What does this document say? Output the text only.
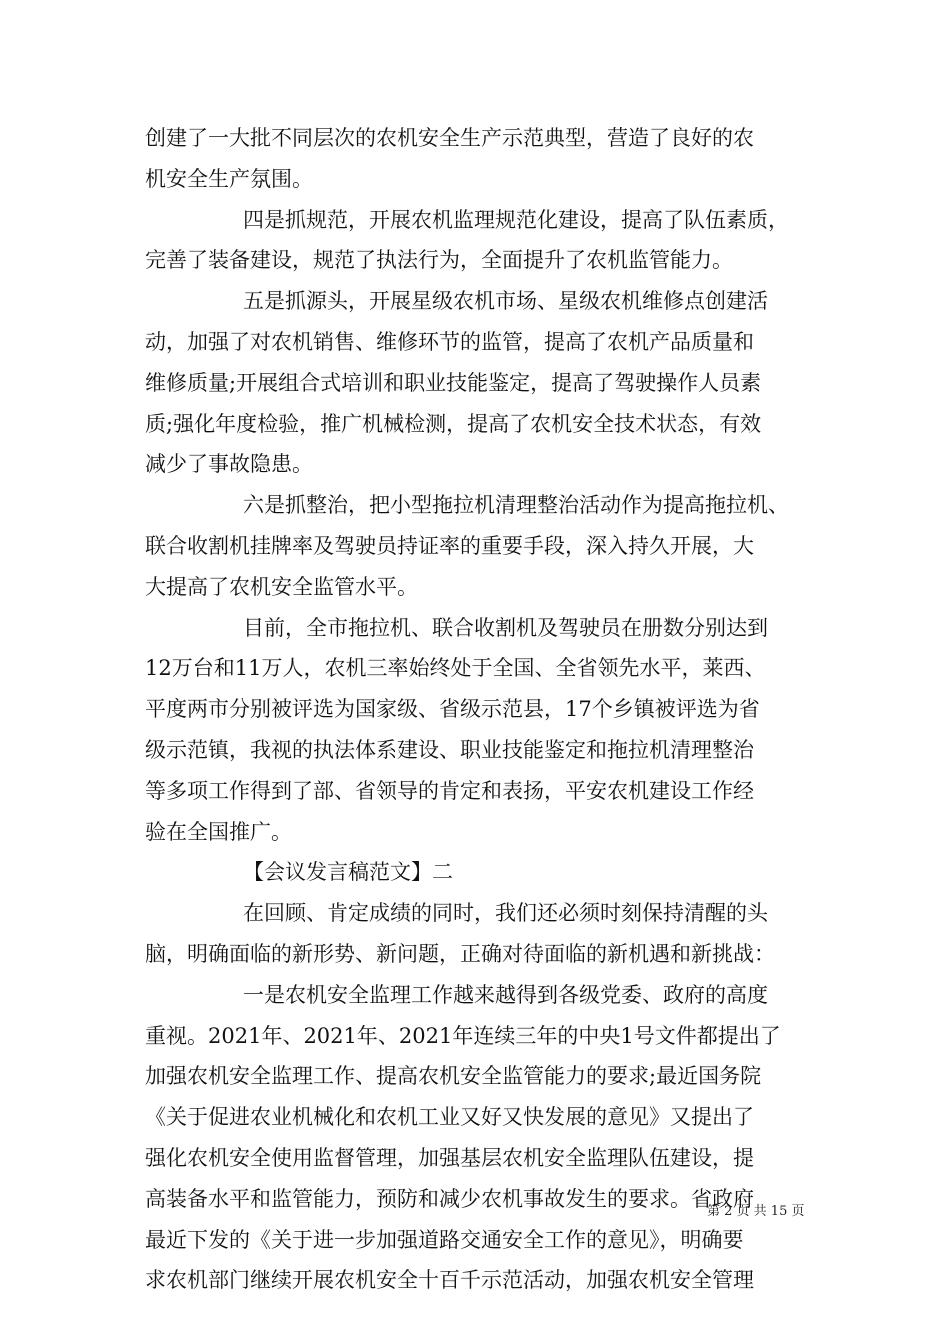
创建了一大批不同层次的农机安全生产示范典型，营造了良好的农
机安全生产氛围。
四是抓规范，开展农机监理规范化建设，提高了队伍素质，
完善了装备建设，规范了执法行为，全面提升了农机监管能力。
五是抓源头，开展星级农机市场、星级农机维修点创建活
动，加强了对农机销售、维修环节的监管，提高了农机产品质量和
维修质量;开展组合式培训和职业技能鉴定，提高了驾驶操作人员素
质;强化年度检验，推广机械检测，提高了农机安全技术状态，有效
减少了事故隐患。
六是抓整治，把小型拖拉机清理整治活动作为提高拖拉机、
联合收割机挂牌率及驾驶员持证率的重要手段，深入持久开展，大
大提高了农机安全监管水平。
目前，全市拖拉机、联合收割机及驾驶员在册数分别达到
12万台和11万人，农机三率始终处于全国、全省领先水平，莱西、
平度两市分别被评选为国家级、省级示范县，17个乡镇被评选为省
级示范镇，我视的执法体系建设、职业技能鉴定和拖拉机清理整治
等多项工作得到了部、省领导的肯定和表扬，平安农机建设工作经
验在全国推广。
【会议发言稿范文】二
在回顾、肯定成绩的同时，我们还必须时刻保持清醒的头
脑，明确面临的新形势、新问题，正确对待面临的新机遇和新挑战：
一是农机安全监理工作越来越得到各级党委、政府的高度
重视。2021年、2021年、2021年连续三年的中央1号文件都提出了
加强农机安全监理工作、提高农机安全监管能力的要求;最近国务院
《关于促进农业机械化和农机工业又好又快发展的意见》又提出了
强化农机安全使用监督管理，加强基层农机安全监理队伍建设，提
高装备水平和监管能力，预防和减少农机事故发生的要求。省政府
最近下发的《关于进一步加强道路交通安全工作的意见》，明确要
求农机部门继续开展农机安全十百千示范活动，加强农机安全管理
第 2 页 共 15 页
